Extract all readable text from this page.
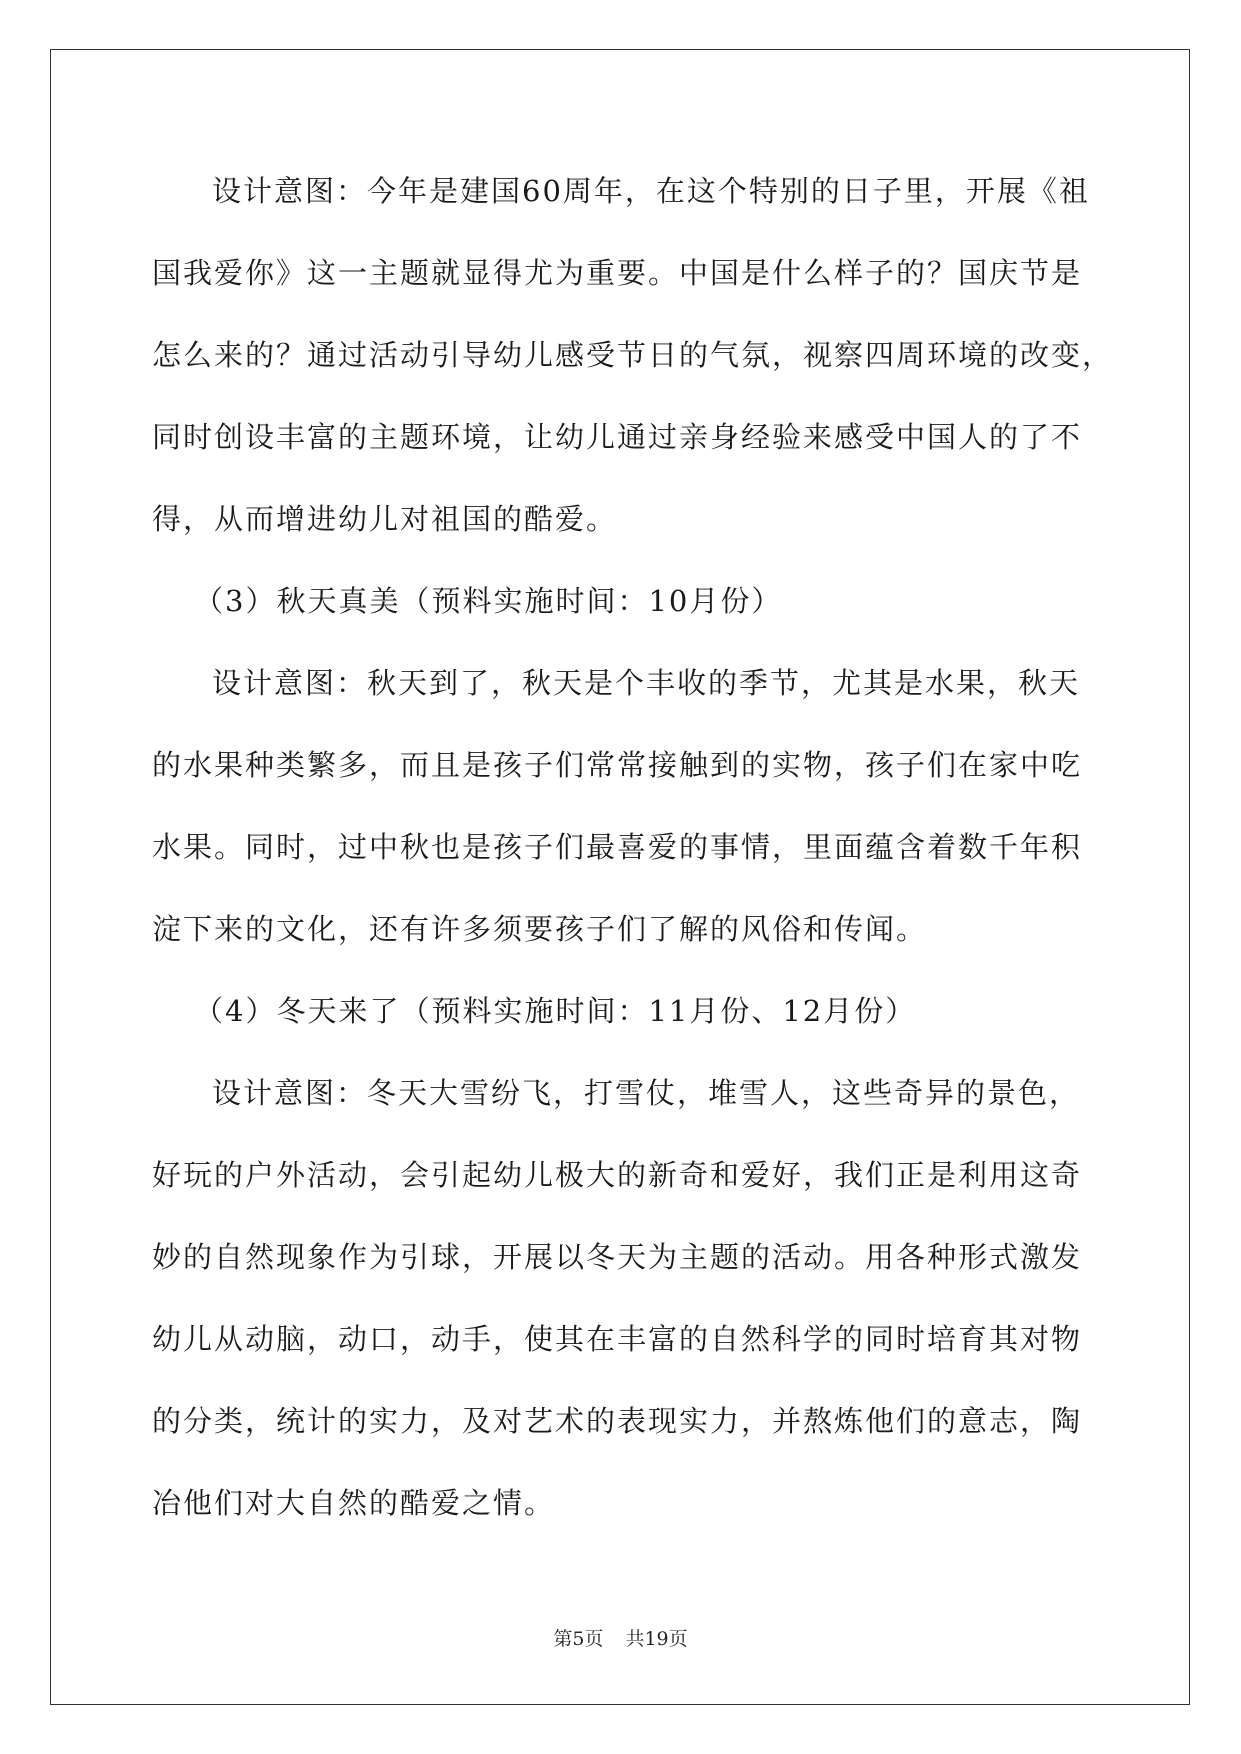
设计意图：今年是建国60周年，在这个特别的日子里，开展《祖
国我爱你》这一主题就显得尤为重要。中国是什么样子的？国庆节是
怎么来的？通过活动引导幼儿感受节日的气氛，视察四周环境的改变，
同时创设丰富的主题环境，让幼儿通过亲身经验来感受中国人的了不
得，从而增进幼儿对祖国的酷爱。
（3）秋天真美（预料实施时间：10月份）
设计意图：秋天到了，秋天是个丰收的季节，尤其是水果，秋天
的水果种类繁多，而且是孩子们常常接触到的实物，孩子们在家中吃
水果。同时，过中秋也是孩子们最喜爱的事情，里面蕴含着数千年积
淀下来的文化，还有许多须要孩子们了解的风俗和传闻。
（4）冬天来了（预料实施时间：11月份、12月份）
设计意图：冬天大雪纷飞，打雪仗，堆雪人，这些奇异的景色，
好玩的户外活动，会引起幼儿极大的新奇和爱好，我们正是利用这奇
妙的自然现象作为引球，开展以冬天为主题的活动。用各种形式激发
幼儿从动脑，动口，动手，使其在丰富的自然科学的同时培育其对物
的分类，统计的实力，及对艺术的表现实力，并熬炼他们的意志，陶
冶他们对大自然的酷爱之情。
第5页 共19页
